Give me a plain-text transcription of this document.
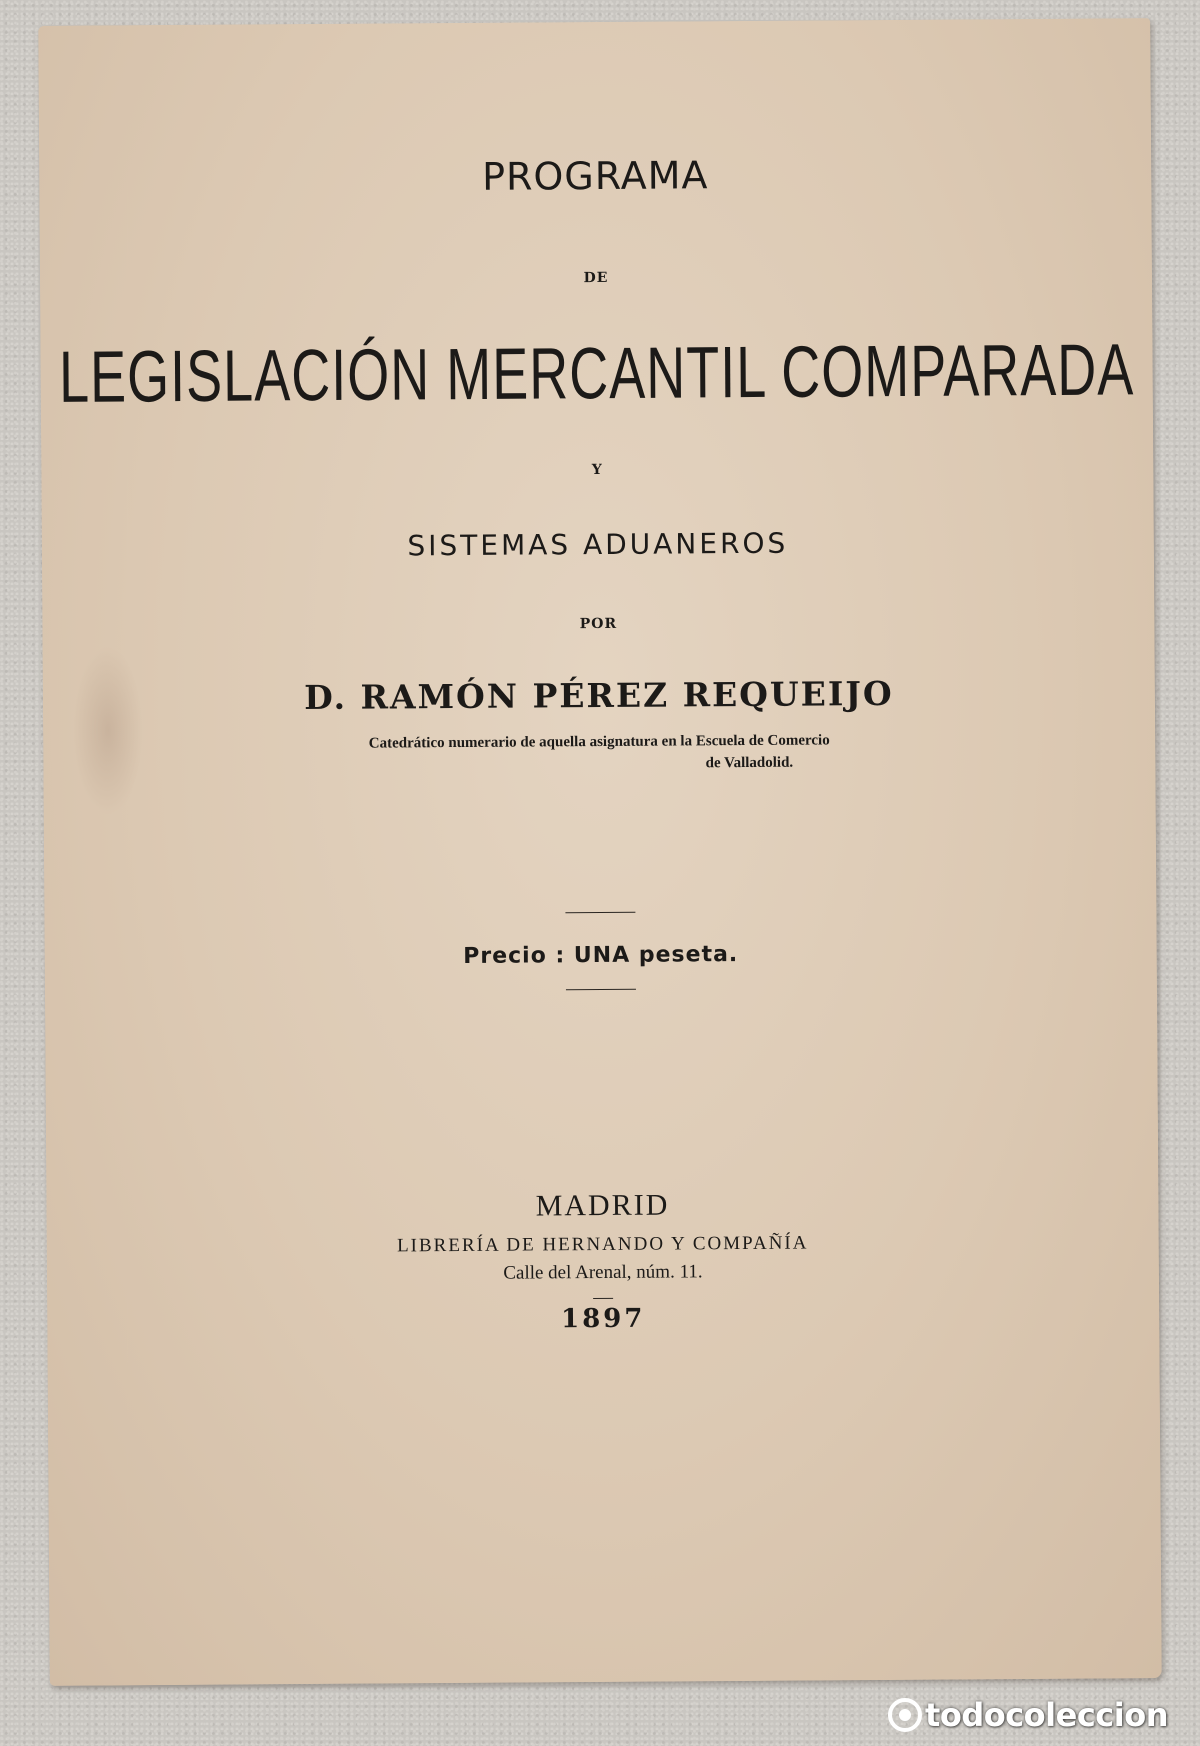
PROGRAMA
DE
LEGISLACIÓN MERCANTIL COMPARADA
Y
SISTEMAS ADUANEROS
POR
D. RAMÓN PÉREZ REQUEIJO
Catedrático numerario de aquella asignatura en la Escuela de Comercio
de Valladolid.
Precio : UNA peseta.
MADRID
LIBRERÍA DE HERNANDO Y COMPAÑÍA
Calle del Arenal, núm. 11.
1897
todocoleccion
